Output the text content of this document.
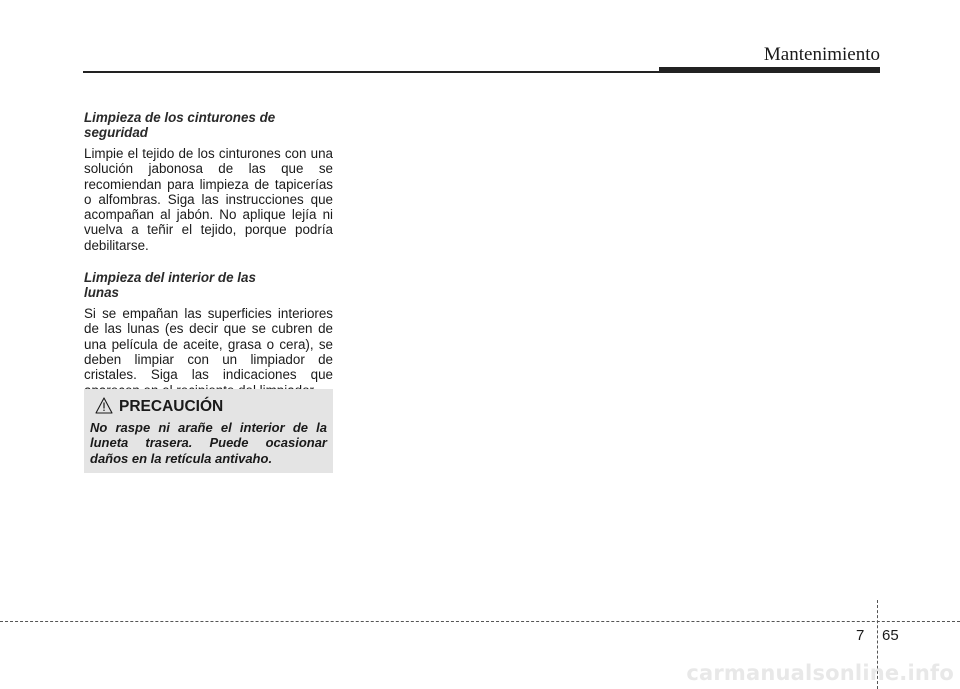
Mantenimiento
Limpieza de los cinturones de seguridad

Limpie el tejido de los cinturones con una solución jabonosa de las que se recomiendan para limpieza de tapicerías o alfombras. Siga las instrucciones que acompañan al jabón. No aplique lejía ni vuelva a teñir el tejido, porque podría debilitarse.

Limpieza del interior de las lunas

Si se empañan las superficies interiores de las lunas (es decir que se cubren de una película de aceite, grasa o cera), se deben limpiar con un limpiador de cristales. Siga las indicaciones que

PRECAUCIÓN
No raspe ni arañe el interior de la luneta trasera. Puede ocasionar daños en la retícula antivaho.
7 65
carmanualsonline.info
